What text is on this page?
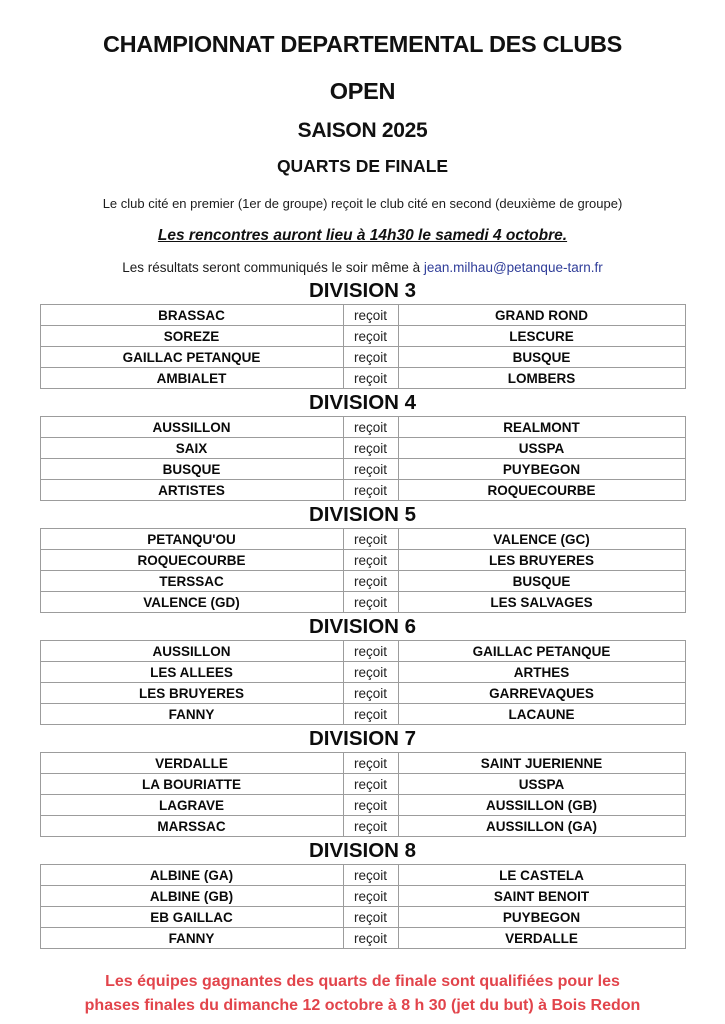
CHAMPIONNAT DEPARTEMENTAL DES CLUBS
OPEN
SAISON 2025
QUARTS DE FINALE
Le club cité en premier (1er de groupe) reçoit le club cité en second (deuxième de groupe)
Les rencontres auront lieu à 14h30 le samedi 4 octobre.
Les résultats seront communiqués le soir même à jean.milhau@petanque-tarn.fr
DIVISION 3
BRASSAC	reçoit	GRAND ROND
SOREZE	reçoit	LESCURE
GAILLAC PETANQUE	reçoit	BUSQUE
AMBIALET	reçoit	LOMBERS
DIVISION 4
AUSSILLON	reçoit	REALMONT
SAIX	reçoit	USSPA
BUSQUE	reçoit	PUYBEGON
ARTISTES	reçoit	ROQUECOURBE
DIVISION 5
PETANQU'OU	reçoit	VALENCE (GC)
ROQUECOURBE	reçoit	LES BRUYERES
TERSSAC	reçoit	BUSQUE
VALENCE (GD)	reçoit	LES SALVAGES
DIVISION 6
AUSSILLON	reçoit	GAILLAC PETANQUE
LES ALLEES	reçoit	ARTHES
LES BRUYERES	reçoit	GARREVAQUES
FANNY	reçoit	LACAUNE
DIVISION 7
VERDALLE	reçoit	SAINT JUERIENNE
LA BOURIATTE	reçoit	USSPA
LAGRAVE	reçoit	AUSSILLON (GB)
MARSSAC	reçoit	AUSSILLON (GA)
DIVISION 8
ALBINE (GA)	reçoit	LE CASTELA
ALBINE (GB)	reçoit	SAINT BENOIT
EB GAILLAC	reçoit	PUYBEGON
FANNY	reçoit	VERDALLE
Les équipes gagnantes des quarts de finale sont qualifiées pour les
phases finales du dimanche 12 octobre à 8 h 30 (jet du but) à Bois Redon
